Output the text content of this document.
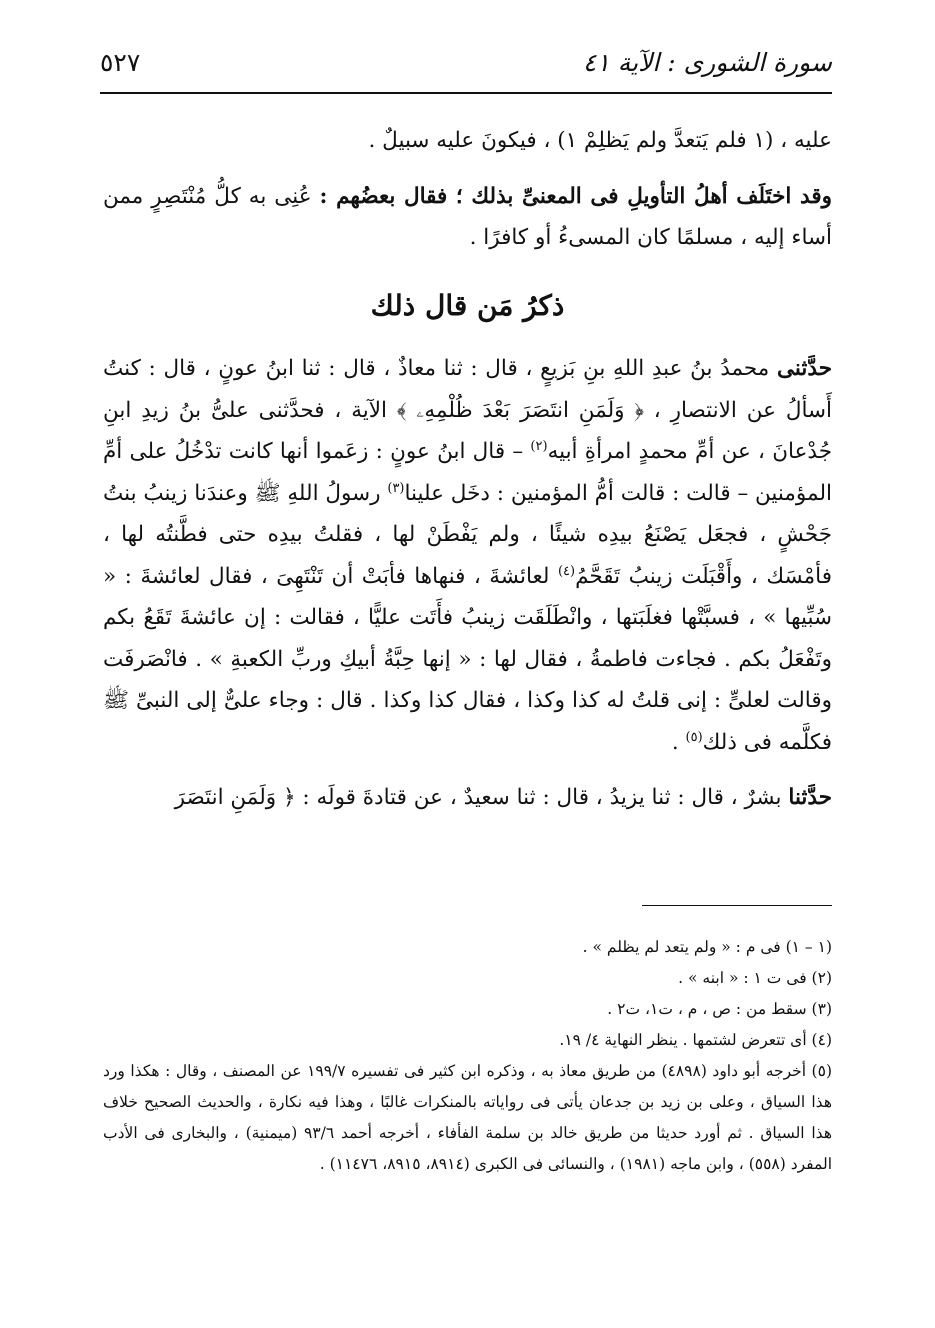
سورة الشورى : الآية ٤١
٥٢٧

عليه ، (١ فلم يَتعدَّ ولم يَظلِمْ ١) ، فيكونَ عليه سبيلٌ .

وقد اختَلَف أهلُ التأويلِ فى المعنىِّ بذلك ؛ فقال بعضُهم : عُنِى به كلُّ مُنْتَصِرٍ ممن أساء إليه ، مسلمًا كان المسىءُ أو كافرًا .

ذكرُ مَن قال ذلك

حدَّثنى محمدُ بنُ عبدِ اللهِ بنِ بَزيعٍ ، قال : ثنا معاذٌ ، قال : ثنا ابنُ عونٍ ، قال : كنتُ أَسألُ عن الانتصارِ ، ﴿ وَلَمَنِ انتَصَرَ بَعْدَ ظُلْمِهِۦ ﴾ الآية ، فحدَّثنى علىُّ بنُ زيدِ ابنِ جُدْعانَ ، عن أمِّ محمدٍ امرأةِ أبيه$^{(٢)}$ – قال ابنُ عونٍ : زعَموا أنها كانت تدْخُلُ على أمِّ المؤمنين – قالت : قالت أمُّ المؤمنين : دخَل علينا$^{(٣)}$ رسولُ اللهِ ﷺ وعندَنا زينبُ بنتُ جَحْشٍ ، فجعَل يَصْنَعُ بيدِه شيئًا ، ولم يَفْطَنْ لها ، فقلتُ بيدِه حتى فطَّنتُه لها ، فأمْسَك ، وأَقْبَلَت زينبُ تَقَحَّمُ$^{(٤)}$ لعائشةَ ، فنهاها فأبَتْ أن تَنْتَهِىَ ، فقال لعائشةَ : « سُبِّيها » ، فسبَّتْها فغلَبَتها ، وانْطَلَقَت زينبُ فأَتَت عليًّا ، فقالت : إن عائشةَ تَقَعُ بكم وتَفْعَلُ بكم . فجاءت فاطمةُ ، فقال لها : « إنها حِبَّةُ أبيكِ وربِّ الكعبةِ » . فانْصَرفَت وقالت لعلىٍّ : إنى قلتُ له كذا وكذا ، فقال كذا وكذا . قال : وجاء علىٌّ إلى النبىِّ ﷺ فكلَّمه فى ذلك$^{(٥)}$ .

حدَّثنا بشرٌ ، قال : ثنا يزيدُ ، قال : ثنا سعيدٌ ، عن قتادةَ قولَه : ﴿ وَلَمَنِ انتَصَرَ

(١ – ١) فى م : « ولم يتعد لم يظلم » .

(٢) فى ت ١ : « ابنه » .

(٣) سقط من : ص ، م ، ت١، ت٢ .

(٤) أى تتعرض لشتمها . ينظر النهاية ٤/ ١٩.

(٥) أخرجه أبو داود (٤٨٩٨) من طريق معاذ به ، وذكره ابن كثير فى تفسيره ١٩٩/٧ عن المصنف ، وقال : هكذا ورد هذا السياق ، وعلى بن زيد بن جدعان يأتى فى رواياته بالمنكرات غالبًا ، وهذا فيه نكارة ، والحديث الصحيح خلاف هذا السياق . ثم أورد حديثا من طريق خالد بن سلمة الفأفاء ، أخرجه أحمد ٩٣/٦ (ميمنية) ، والبخارى فى الأدب المفرد (٥٥٨) ، وابن ماجه (١٩٨١) ، والنسائى فى الكبرى (٨٩١٤، ٨٩١٥، ١١٤٧٦) .
